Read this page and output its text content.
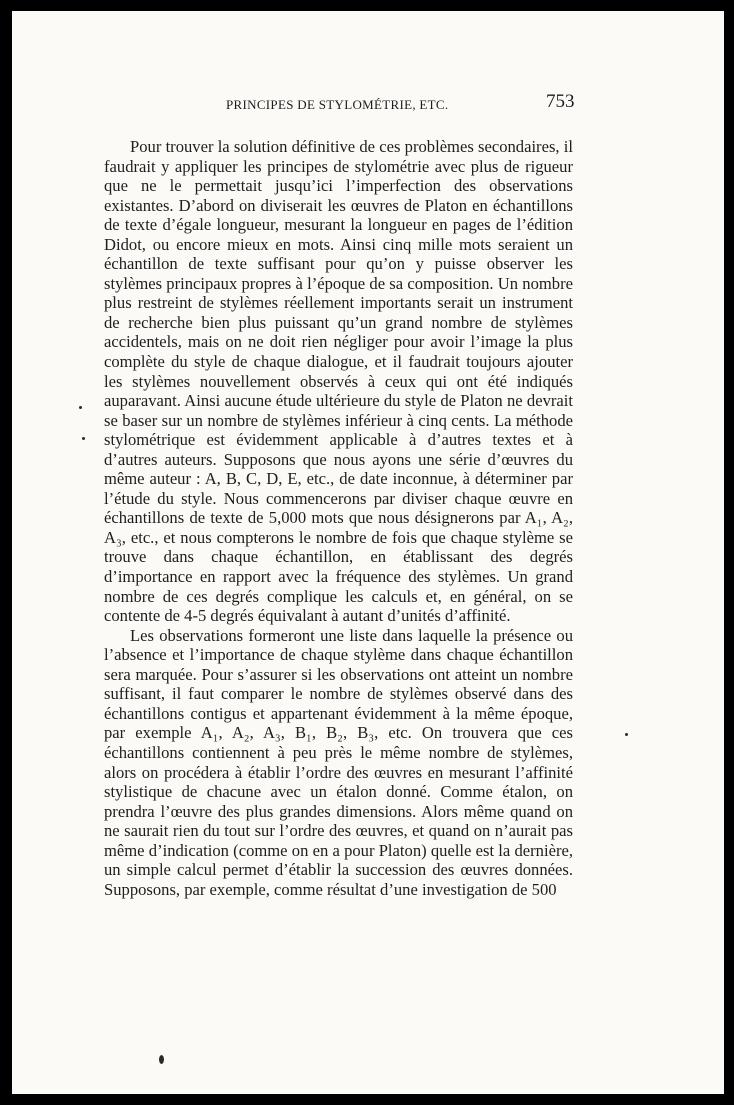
PRINCIPES DE STYLOMÉTRIE, ETC.	753

Pour trouver la solution définitive de ces problèmes secondaires, il faudrait y appliquer les principes de stylométrie avec plus de rigueur que ne le permettait jusqu’ici l’imperfection des observations existantes. D’abord on diviserait les œuvres de Platon en échantillons de texte d’égale longueur, mesurant la longueur en pages de l’édition Didot, ou encore mieux en mots. Ainsi cinq mille mots seraient un échantillon de texte suffisant pour qu’on y puisse observer les stylèmes principaux propres à l’époque de sa composition. Un nombre plus restreint de stylèmes réellement importants serait un instrument de recherche bien plus puissant qu’un grand nombre de stylèmes accidentels, mais on ne doit rien négliger pour avoir l’image la plus complète du style de chaque dialogue, et il faudrait toujours ajouter les stylèmes nouvellement observés à ceux qui ont été indiqués auparavant. Ainsi aucune étude ultérieure du style de Platon ne devrait se baser sur un nombre de stylèmes inférieur à cinq cents. La méthode stylométrique est évidemment applicable à d’autres textes et à d’autres auteurs. Supposons que nous ayons une série d’œuvres du même auteur : A, B, C, D, E, etc., de date inconnue, à déterminer par l’étude du style. Nous commencerons par diviser chaque œuvre en échantillons de texte de 5,000 mots que nous désignerons par A₁, A₂, A₃, etc., et nous compterons le nombre de fois que chaque stylème se trouve dans chaque échantillon, en établissant des degrés d’importance en rapport avec la fréquence des stylèmes. Un grand nombre de ces degrés complique les calculs et, en général, on se contente de 4-5 degrés équivalant à autant d’unités d’affinité.

Les observations formeront une liste dans laquelle la présence ou l’absence et l’importance de chaque stylème dans chaque échantillon sera marquée. Pour s’assurer si les observations ont atteint un nombre suffisant, il faut comparer le nombre de stylèmes observé dans des échantillons contigus et appartenant évidemment à la même époque, par exemple A₁, A₂, A₃, B₁, B₂, B₃, etc. On trouvera que ces échantillons contiennent à peu près le même nombre de stylèmes, alors on procédera à établir l’ordre des œuvres en mesurant l’affinité stylistique de chacune avec un étalon donné. Comme étalon, on prendra l’œuvre des plus grandes dimensions. Alors même quand on ne saurait rien du tout sur l’ordre des œuvres, et quand on n’aurait pas même d’indication (comme on en a pour Platon) quelle est la dernière, un simple calcul permet d’établir la succession des œuvres données. Supposons, par exemple, comme résultat d’une investigation de 500
